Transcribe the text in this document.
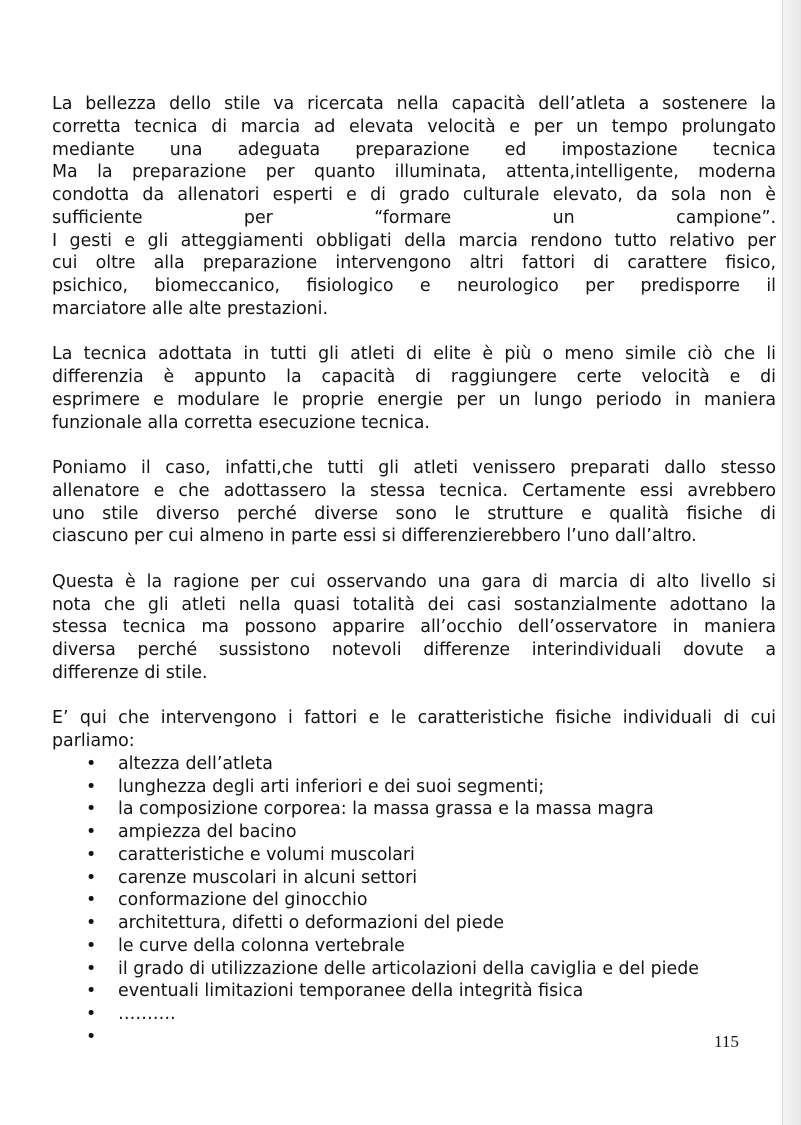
La bellezza dello stile va ricercata nella capacità dell’atleta a sostenere la
corretta tecnica di marcia ad elevata velocità e per un tempo prolungato
mediante una adeguata preparazione ed impostazione tecnica
Ma la preparazione per quanto illuminata, attenta,intelligente, moderna
condotta da allenatori esperti e di grado culturale elevato, da sola non è
sufficiente per “formare un campione”.
I gesti e gli atteggiamenti obbligati della marcia rendono tutto relativo per
cui oltre alla preparazione intervengono altri fattori di carattere fisico,
psichico, biomeccanico, fisiologico e neurologico per predisporre il
marciatore alle alte prestazioni.
La tecnica adottata in tutti gli atleti di elite è più o meno simile ciò che li
differenzia è appunto la capacità di raggiungere certe velocità e di
esprimere e modulare le proprie energie per un lungo periodo in maniera
funzionale alla corretta esecuzione tecnica.
Poniamo il caso, infatti,che tutti gli atleti venissero preparati dallo stesso
allenatore e che adottassero la stessa tecnica. Certamente essi avrebbero
uno stile diverso perché diverse sono le strutture e qualità fisiche di
ciascuno per cui almeno in parte essi si differenzierebbero l’uno dall’altro.
Questa è la ragione per cui osservando una gara di marcia di alto livello si
nota che gli atleti nella quasi totalità dei casi sostanzialmente adottano la
stessa tecnica ma possono apparire all’occhio dell’osservatore in maniera
diversa perché sussistono notevoli differenze interindividuali dovute a
differenze di stile.
E’ qui che intervengono i fattori e le caratteristiche fisiche individuali di cui
parliamo:
• altezza dell’atleta
• lunghezza degli arti inferiori e dei suoi segmenti;
• la composizione corporea: la massa grassa e la massa magra
• ampiezza del bacino
• caratteristiche e volumi muscolari
• carenze muscolari in alcuni settori
• conformazione del ginocchio
• architettura, difetti o deformazioni del piede
• le curve della colonna vertebrale
• il grado di utilizzazione delle articolazioni della caviglia e del piede
• eventuali limitazioni temporanee della integrità fisica
• ……….
•	115
